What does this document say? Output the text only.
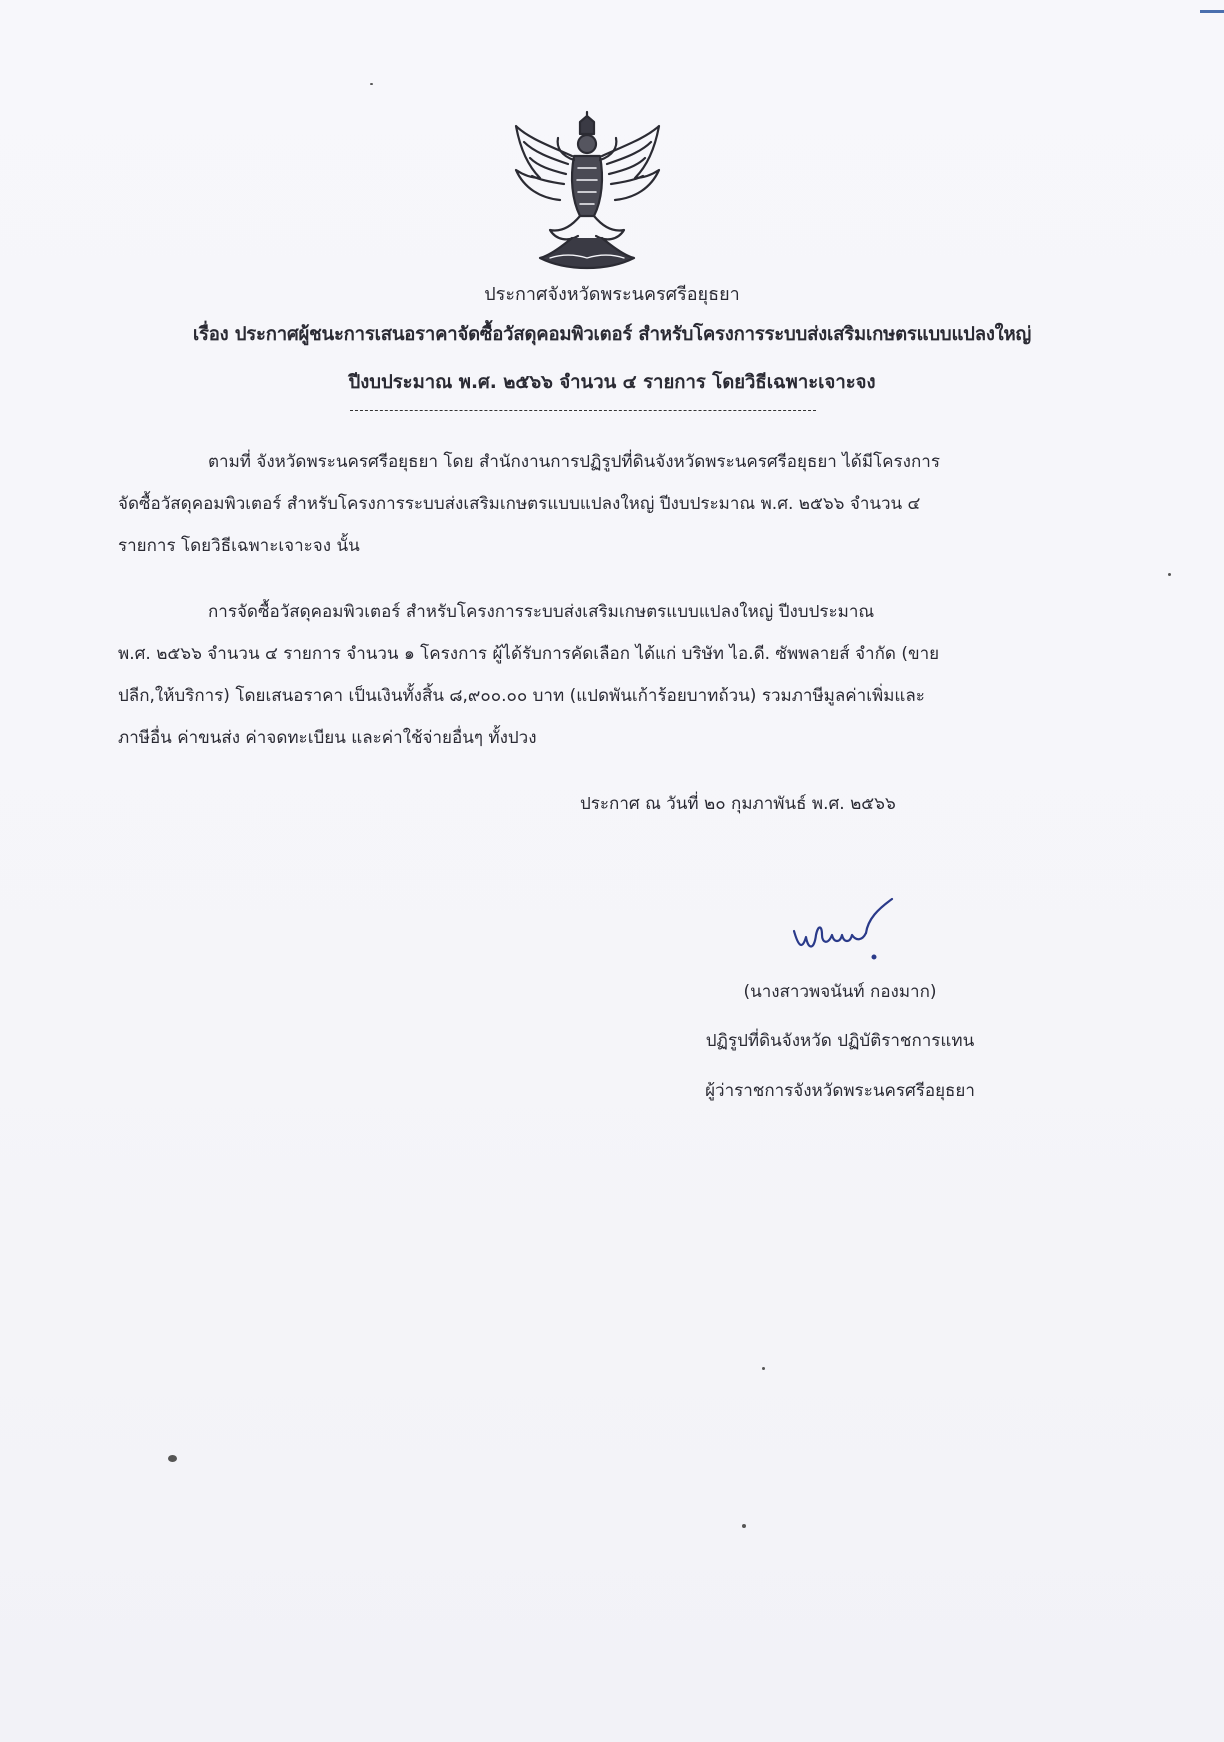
ประกาศจังหวัดพระนครศรีอยุธยา
เรื่อง ประกาศผู้ชนะการเสนอราคาจัดซื้อวัสดุคอมพิวเตอร์ สำหรับโครงการระบบส่งเสริมเกษตรแบบแปลงใหญ่
ปีงบประมาณ พ.ศ. ๒๕๖๖ จำนวน ๔ รายการ โดยวิธีเฉพาะเจาะจง
ตามที่ จังหวัดพระนครศรีอยุธยา โดย สำนักงานการปฏิรูปที่ดินจังหวัดพระนครศรีอยุธยา ได้มีโครงการ
จัดซื้อวัสดุคอมพิวเตอร์ สำหรับโครงการระบบส่งเสริมเกษตรแบบแปลงใหญ่ ปีงบประมาณ พ.ศ. ๒๕๖๖ จำนวน ๔
รายการ โดยวิธีเฉพาะเจาะจง นั้น
การจัดซื้อวัสดุคอมพิวเตอร์ สำหรับโครงการระบบส่งเสริมเกษตรแบบแปลงใหญ่ ปีงบประมาณ
พ.ศ. ๒๕๖๖ จำนวน ๔ รายการ จำนวน ๑ โครงการ ผู้ได้รับการคัดเลือก ได้แก่ บริษัท ไอ.ดี. ซัพพลายส์ จำกัด (ขาย
ปลีก,ให้บริการ) โดยเสนอราคา เป็นเงินทั้งสิ้น ๘,๙๐๐.๐๐ บาท (แปดพันเก้าร้อยบาทถ้วน) รวมภาษีมูลค่าเพิ่มและ
ภาษีอื่น ค่าขนส่ง ค่าจดทะเบียน และค่าใช้จ่ายอื่นๆ ทั้งปวง
ประกาศ ณ วันที่ ๒๐ กุมภาพันธ์ พ.ศ. ๒๕๖๖
(นางสาวพจนันท์ กองมาก)
ปฏิรูปที่ดินจังหวัด ปฏิบัติราชการแทน
ผู้ว่าราชการจังหวัดพระนครศรีอยุธยา
